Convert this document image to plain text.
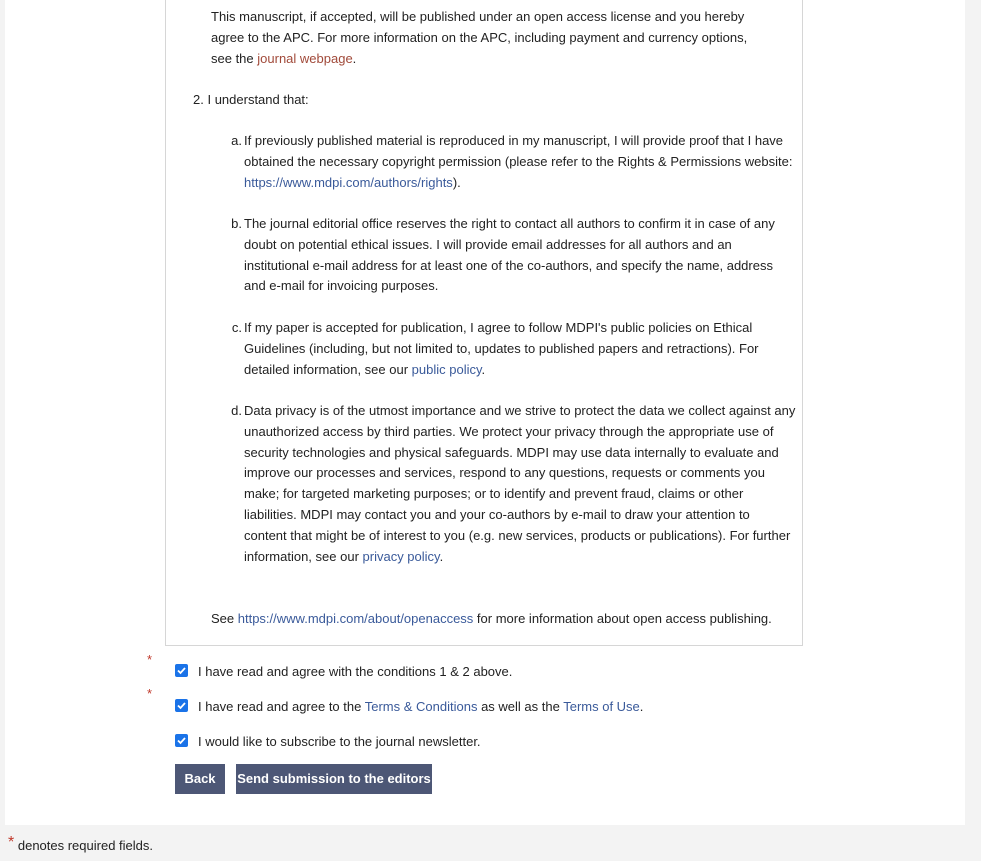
This manuscript, if accepted, will be published under an open access license and you hereby agree to the APC. For more information on the APC, including payment and currency options, see the journal webpage.

2. I understand that:

a. If previously published material is reproduced in my manuscript, I will provide proof that I have obtained the necessary copyright permission (please refer to the Rights & Permissions website: https://www.mdpi.com/authors/rights).
b. The journal editorial office reserves the right to contact all authors to confirm it in case of any doubt on potential ethical issues. I will provide email addresses for all authors and an institutional e-mail address for at least one of the co-authors, and specify the name, address and e-mail for invoicing purposes.
c. If my paper is accepted for publication, I agree to follow MDPI's public policies on Ethical Guidelines (including, but not limited to, updates to published papers and retractions). For detailed information, see our public policy.
d. Data privacy is of the utmost importance and we strive to protect the data we collect against any unauthorized access by third parties. We protect your privacy through the appropriate use of security technologies and physical safeguards. MDPI may use data internally to evaluate and improve our processes and services, respond to any questions, requests or comments you make; for targeted marketing purposes; or to identify and prevent fraud, claims or other liabilities. MDPI may contact you and your co-authors by e-mail to draw your attention to content that might be of interest to you (e.g. new services, products or publications). For further information, see our privacy policy.

See https://www.mdpi.com/about/openaccess for more information about open access publishing.

*
*
I have read and agree with the conditions 1 & 2 above.
I have read and agree to the Terms & Conditions as well as the Terms of Use.
I would like to subscribe to the journal newsletter.
Back	Send submission to the editors
* denotes required fields.
